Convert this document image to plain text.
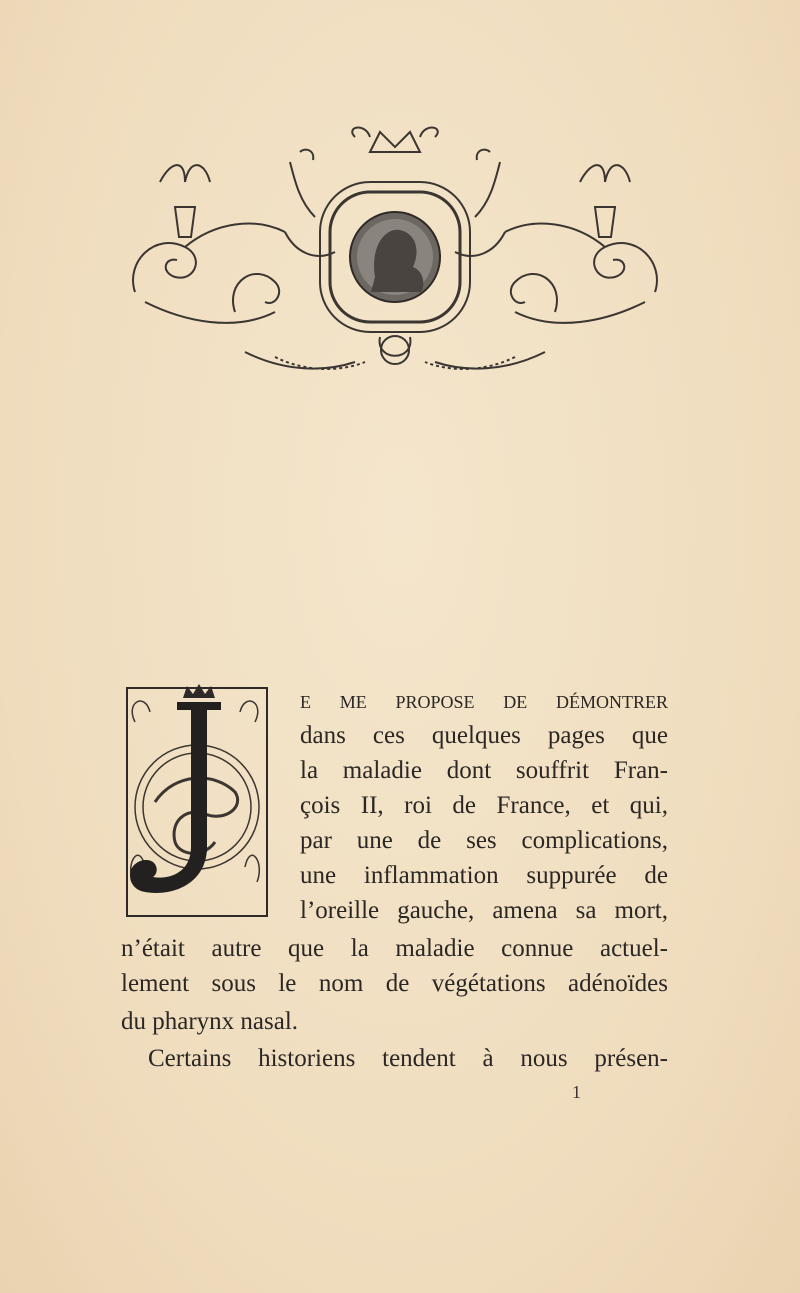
e me propose de démontrer

dans ces quelques pages que

la maladie dont souffrit Fran-

çois II, roi de France, et qui,

par une de ses complications,

une inflammation suppurée de

l’oreille gauche, amena sa mort,

n’était autre que la maladie connue actuel-

lement sous le nom de végétations adénoïdes

du pharynx nasal.

Certains historiens tendent à nous présen-

1
